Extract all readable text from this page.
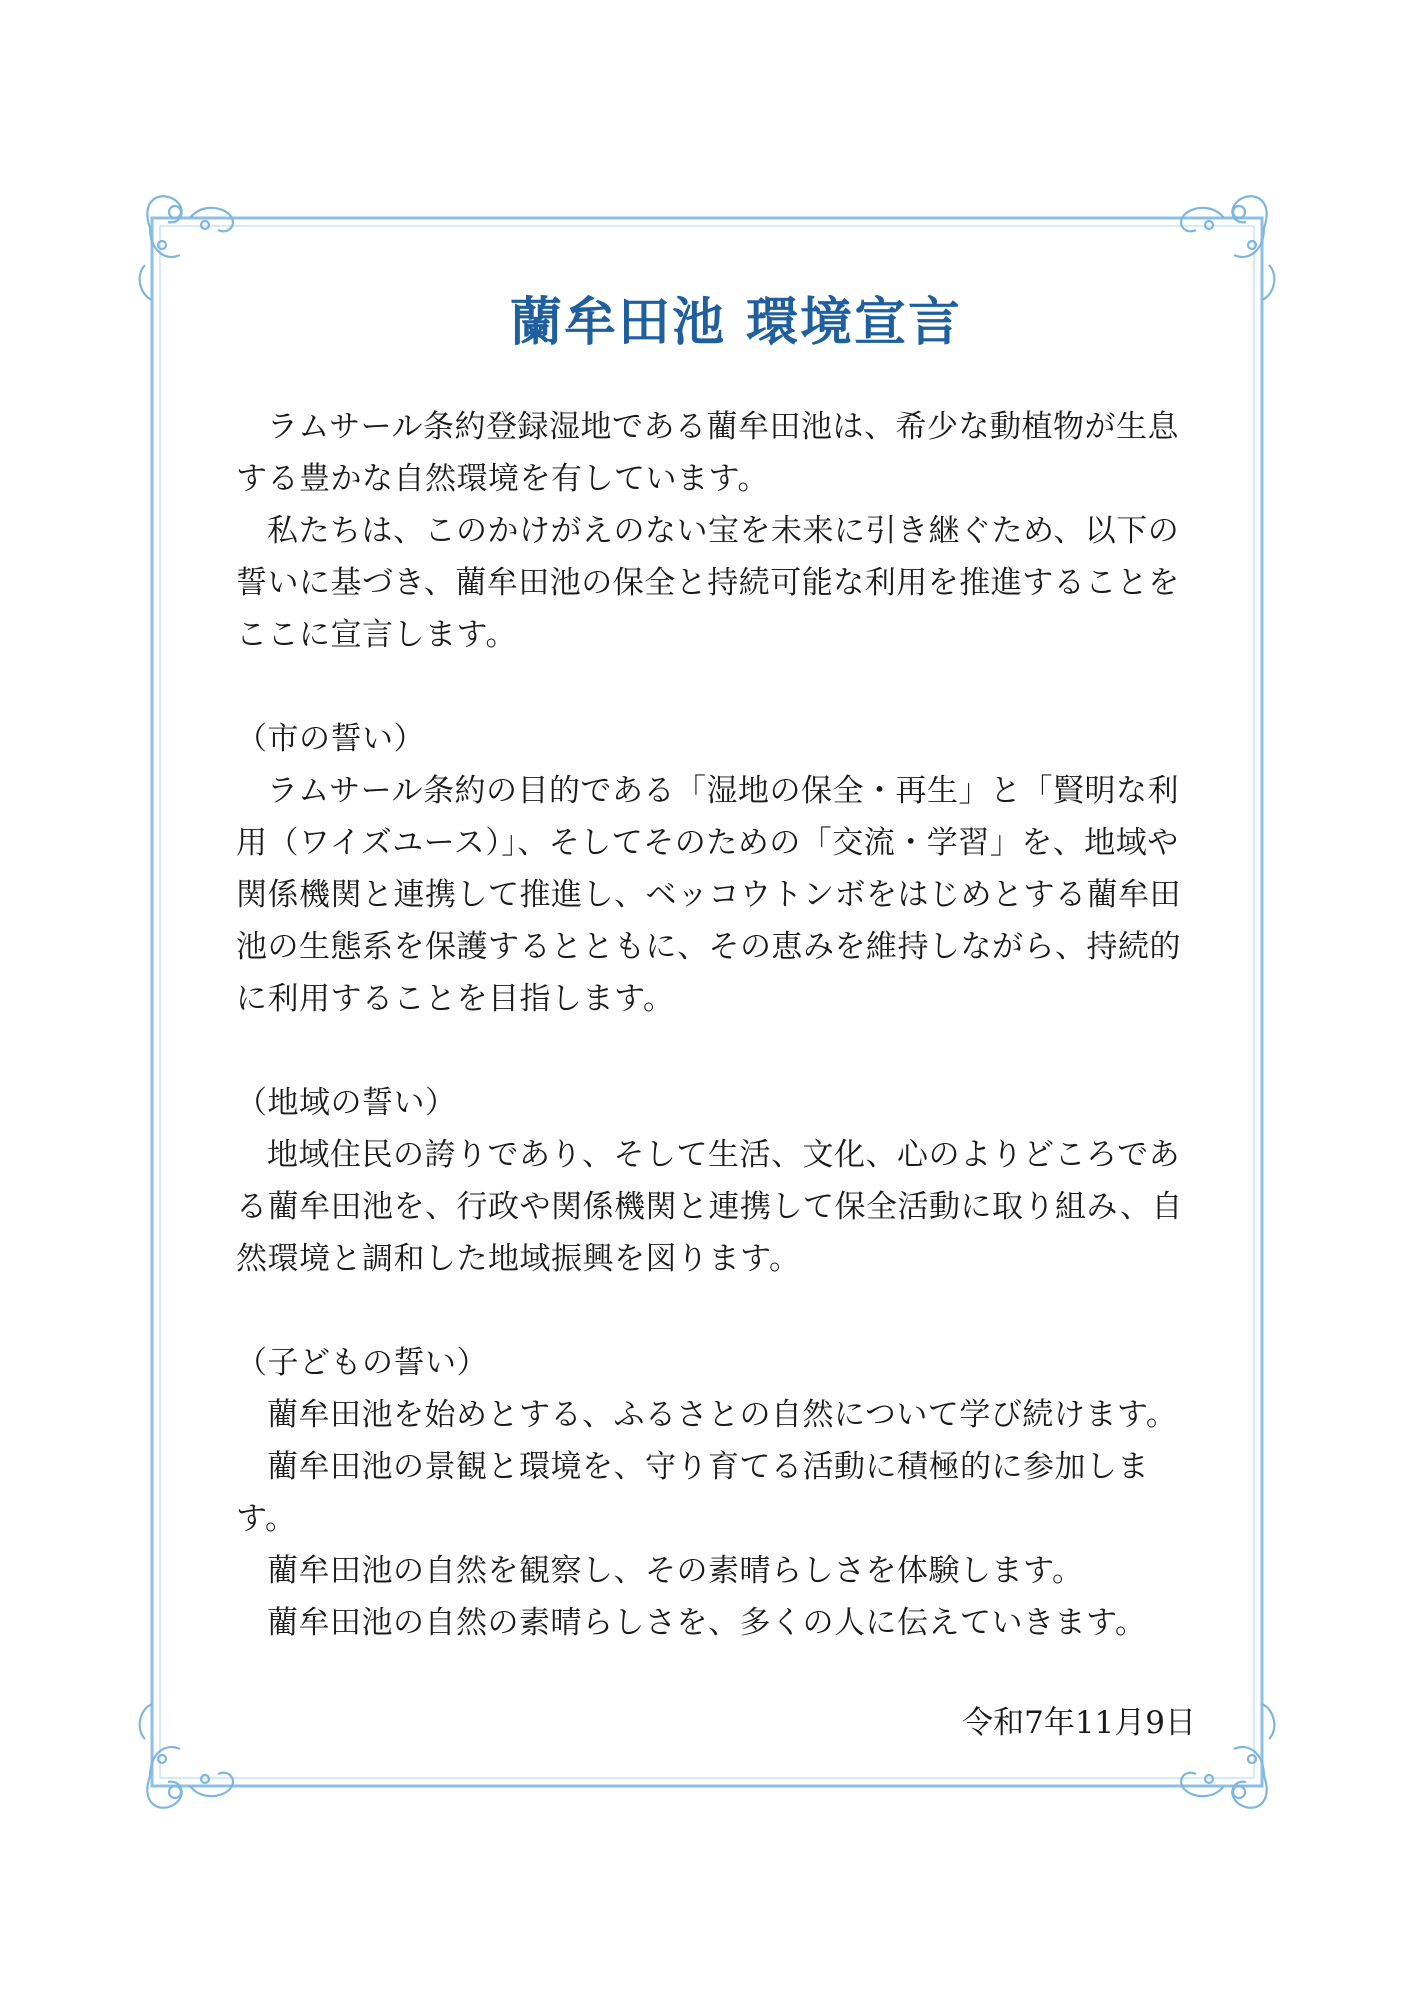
蘭牟田池 環境宣言

ラムサール条約登録湿地である藺牟田池は、希少な動植物が生息する豊かな自然環境を有しています。

私たちは、このかけがえのない宝を未来に引き継ぐため、以下の誓いに基づき、藺牟田池の保全と持続可能な利用を推進することをここに宣言します。

（市の誓い）

ラムサール条約の目的である「湿地の保全・再生」と「賢明な利用（ワイズユース）」、そしてそのための「交流・学習」を、地域や関係機関と連携して推進し、ベッコウトンボをはじめとする藺牟田池の生態系を保護するとともに、その恵みを維持しながら、持続的に利用することを目指します。

（地域の誓い）

地域住民の誇りであり、そして生活、文化、心のよりどころである藺牟田池を、行政や関係機関と連携して保全活動に取り組み、自然環境と調和した地域振興を図ります。

（子どもの誓い）

藺牟田池を始めとする、ふるさとの自然について学び続けます。

藺牟田池の景観と環境を、守り育てる活動に積極的に参加します。

藺牟田池の自然を観察し、その素晴らしさを体験します。

藺牟田池の自然の素晴らしさを、多くの人に伝えていきます。

令和7年11月9日
